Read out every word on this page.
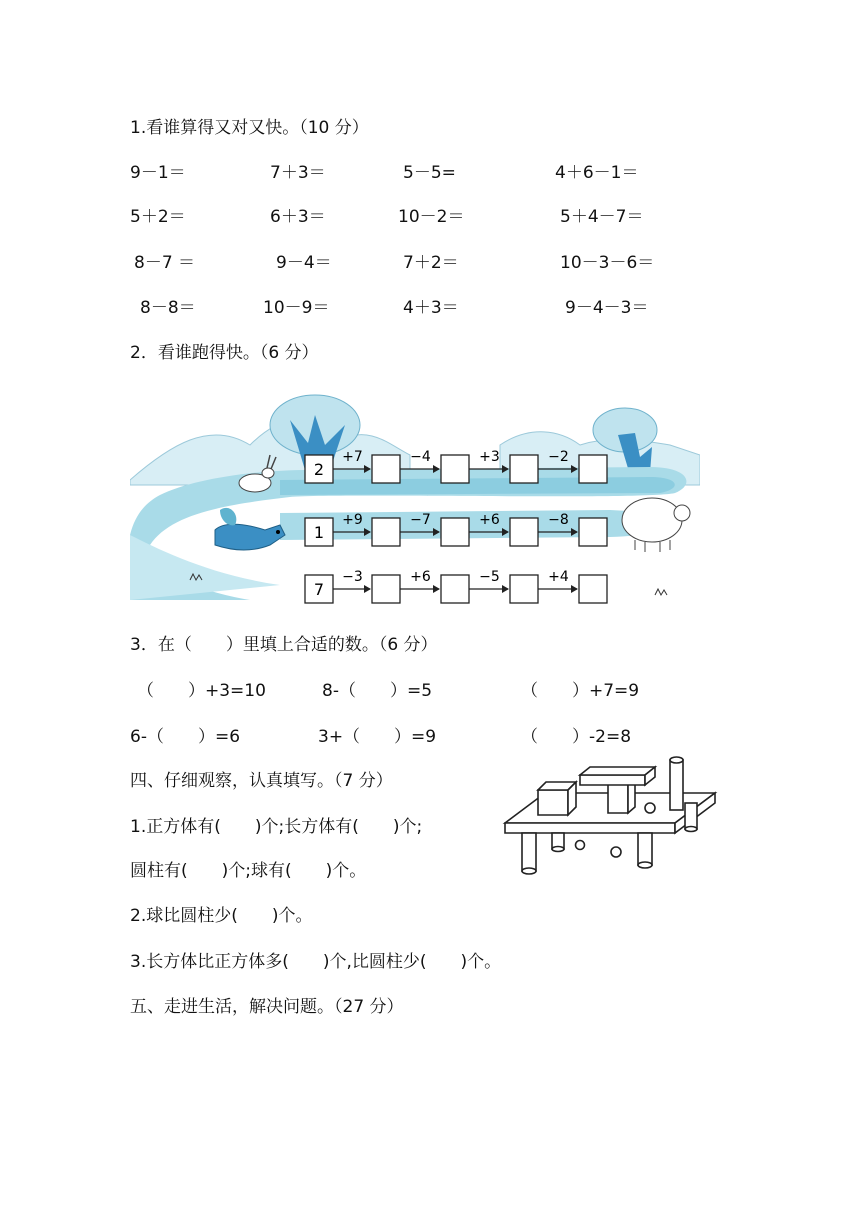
1.看谁算得又对又快。（10 分）
9－1＝	7＋3＝	5－5=	4＋6－1＝
5＋2＝	6＋3＝	10－2＝	5＋4－7＝
8－7 ＝	9－4＝	7＋2＝	10－3－6＝
8－8＝	10－9＝	4＋3＝	9－4－3＝
2．看谁跑得快。（6 分）
2
+7	−4	+3	−2
1
+9	−7	+6	−8
7
−3	+6	−5	+4
3．在（　　）里填上合适的数。（6 分）
（　　）+3=10	8-（　　）=5	（　　）+7=9
6-（　　）=6	3+（　　）=9	（　　）-2=8
四、仔细观察，认真填写。（7 分）
1.正方体有(　　)个;长方体有(　　)个;
圆柱有(　　)个;球有(　　)个。
2.球比圆柱少(　　)个。
3.长方体比正方体多(　　)个,比圆柱少(　　)个。
五、走进生活，解决问题。（27 分）
